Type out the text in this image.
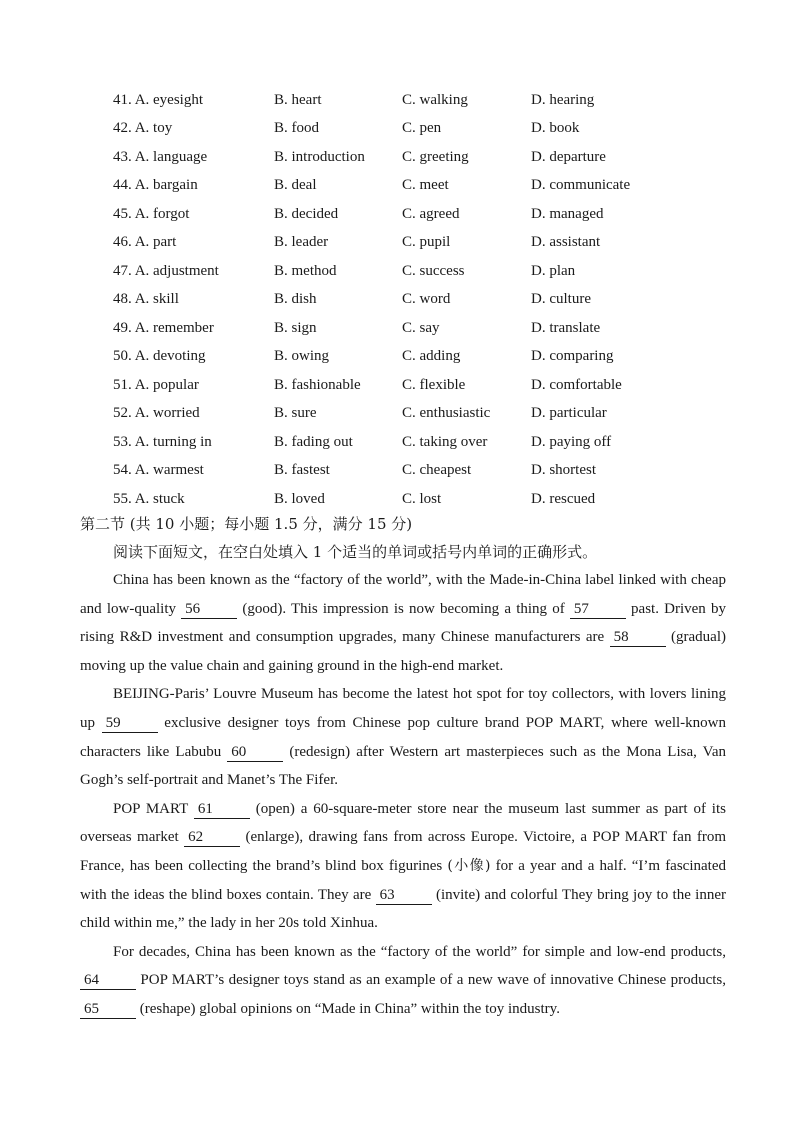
41. A. eyesight	B. heart	C. walking	D. hearing
42. A. toy	B. food	C. pen	D. book
43. A. language	B. introduction	C. greeting	D. departure
44. A. bargain	B. deal	C. meet	D. communicate
45. A. forgot	B. decided	C. agreed	D. managed
46. A. part	B. leader	C. pupil	D. assistant
47. A. adjustment	B. method	C. success	D. plan
48. A. skill	B. dish	C. word	D. culture
49. A. remember	B. sign	C. say	D. translate
50. A. devoting	B. owing	C. adding	D. comparing
51. A. popular	B. fashionable	C. flexible	D. comfortable
52. A. worried	B. sure	C. enthusiastic	D. particular
53. A. turning in	B. fading out	C. taking over	D. paying off
54. A. warmest	B. fastest	C. cheapest	D. shortest
55. A. stuck	B. loved	C. lost	D. rescued
第二节 (共 10 小题；每小题 1.5 分，满分 15 分)
阅读下面短文，在空白处填入 1 个适当的单词或括号内单词的正确形式。

China has been known as the “factory of the world”, with the Made-in-China label linked with cheap and low-quality 56 (good). This impression is now becoming a thing of 57 past. Driven by rising R&D investment and consumption upgrades, many Chinese manufacturers are 58 (gradual) moving up the value chain and gaining ground in the high-end market.

BEIJING-Paris’ Louvre Museum has become the latest hot spot for toy collectors, with lovers lining up 59 exclusive designer toys from Chinese pop culture brand POP MART, where well-known characters like Labubu 60 (redesign) after Western art masterpieces such as the Mona Lisa, Van Gogh’s self-portrait and Manet’s The Fifer.

POP MART 61 (open) a 60-square-meter store near the museum last summer as part of its overseas market 62 (enlarge), drawing fans from across Europe. Victoire, a POP MART fan from France, has been collecting the brand’s blind box figurines (小像) for a year and a half. “I’m fascinated with the ideas the blind boxes contain. They are 63 (invite) and colorful They bring joy to the inner child within me,” the lady in her 20s told Xinhua.

For decades, China has been known as the “factory of the world” for simple and low-end products, 64 POP MART’s designer toys stand as an example of a new wave of innovative Chinese products, 65 (reshape) global opinions on “Made in China” within the toy industry.
